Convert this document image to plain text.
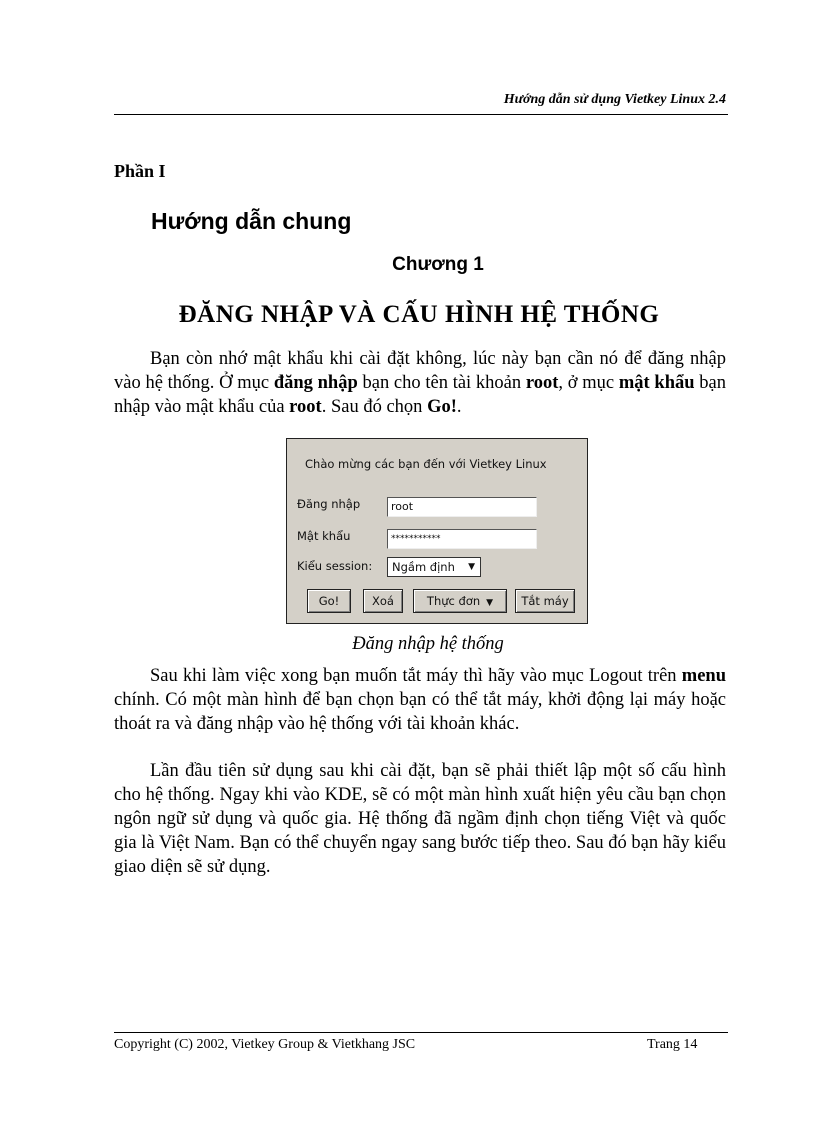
Hướng dẫn sử dụng Vietkey Linux 2.4
Phần I
Hướng dẫn chung
Chương 1
ĐĂNG NHẬP VÀ CẤU HÌNH HỆ THỐNG

Bạn còn nhớ mật khẩu khi cài đặt không, lúc này bạn cần nó để đăng nhập vào hệ thống. Ở mục đăng nhập bạn cho tên tài khoản root, ở mục mật khẩu bạn nhập vào mật khẩu của root. Sau đó chọn Go!.

Chào mừng các bạn đến với Vietkey Linux
Đăng nhập	root
Mật khẩu	***********
Kiểu session:	Ngầm định ▼
Go!	Xoá	Thực đơn ▼	Tắt máy
Đăng nhập hệ thống

Sau khi làm việc xong bạn muốn tắt máy thì hãy vào mục Logout trên menu chính. Có một màn hình để bạn chọn bạn có thể tắt máy, khởi động lại máy hoặc thoát ra và đăng nhập vào hệ thống với tài khoản khác.

Lần đầu tiên sử dụng sau khi cài đặt, bạn sẽ phải thiết lập một số cấu hình cho hệ thống. Ngay khi vào KDE, sẽ có một màn hình xuất hiện yêu cầu bạn chọn ngôn ngữ sử dụng và quốc gia. Hệ thống đã ngầm định chọn tiếng Việt và quốc gia là Việt Nam. Bạn có thể chuyển ngay sang bước tiếp theo. Sau đó bạn hãy kiểu giao diện sẽ sử dụng.

Copyright (C) 2002, Vietkey Group & Vietkhang JSC	Trang 14
